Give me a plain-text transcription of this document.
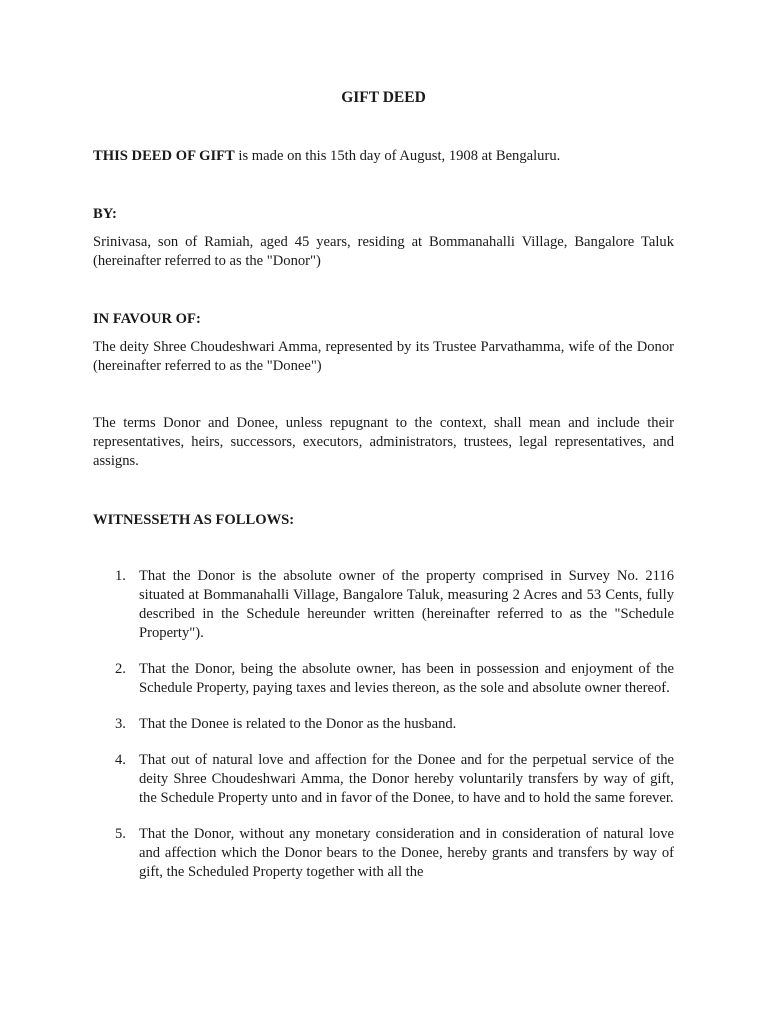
GIFT DEED

THIS DEED OF GIFT is made on this 15th day of August, 1908 at Bengaluru.

BY:

Srinivasa, son of Ramiah, aged 45 years, residing at Bommanahalli Village, Bangalore Taluk (hereinafter referred to as the "Donor")

IN FAVOUR OF:

The deity Shree Choudeshwari Amma, represented by its Trustee Parvathamma, wife of the Donor (hereinafter referred to as the "Donee")

The terms Donor and Donee, unless repugnant to the context, shall mean and include their representatives, heirs, successors, executors, administrators, trustees, legal representatives, and assigns.

WITNESSETH AS FOLLOWS:

1. That the Donor is the absolute owner of the property comprised in Survey No. 2116 situated at Bommanahalli Village, Bangalore Taluk, measuring 2 Acres and 53 Cents, fully described in the Schedule hereunder written (hereinafter referred to as the "Schedule Property").
2. That the Donor, being the absolute owner, has been in possession and enjoyment of the Schedule Property, paying taxes and levies thereon, as the sole and absolute owner thereof.
3. That the Donee is related to the Donor as the husband.
4. That out of natural love and affection for the Donee and for the perpetual service of the deity Shree Choudeshwari Amma, the Donor hereby voluntarily transfers by way of gift, the Schedule Property unto and in favor of the Donee, to have and to hold the same forever.
5. That the Donor, without any monetary consideration and in consideration of natural love and affection which the Donor bears to the Donee, hereby grants and transfers by way of gift, the Scheduled Property together with all the
